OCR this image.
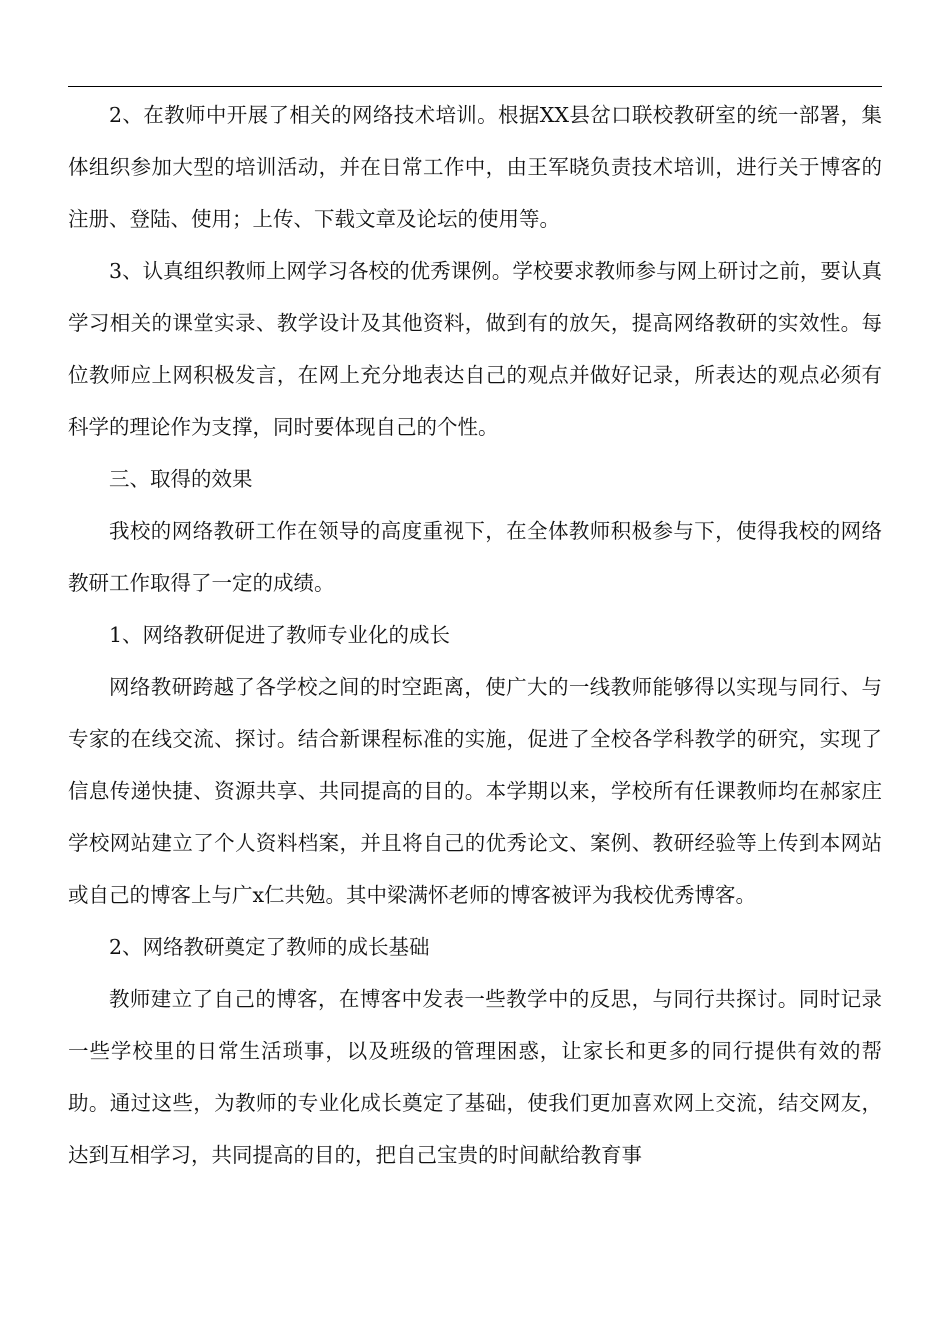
2、在教师中开展了相关的网络技术培训。根据XX县岔口联校教研室的统一部署，集体组织参加大型的培训活动，并在日常工作中，由王军晓负责技术培训，进行关于博客的注册、登陆、使用；上传、下载文章及论坛的使用等。

3、认真组织教师上网学习各校的优秀课例。学校要求教师参与网上研讨之前，要认真学习相关的课堂实录、教学设计及其他资料，做到有的放矢，提高网络教研的实效性。每位教师应上网积极发言，在网上充分地表达自己的观点并做好记录，所表达的观点必须有科学的理论作为支撑，同时要体现自己的个性。

三、取得的效果

我校的网络教研工作在领导的高度重视下，在全体教师积极参与下，使得我校的网络教研工作取得了一定的成绩。

1、网络教研促进了教师专业化的成长

网络教研跨越了各学校之间的时空距离，使广大的一线教师能够得以实现与同行、与专家的在线交流、探讨。结合新课程标准的实施，促进了全校各学科教学的研究，实现了信息传递快捷、资源共享、共同提高的目的。本学期以来，学校所有任课教师均在郝家庄学校网站建立了个人资料档案，并且将自己的优秀论文、案例、教研经验等上传到本网站或自己的博客上与广x仁共勉。其中梁满怀老师的博客被评为我校优秀博客。

2、网络教研奠定了教师的成长基础

教师建立了自己的博客，在博客中发表一些教学中的反思，与同行共探讨。同时记录一些学校里的日常生活琐事，以及班级的管理困惑，让家长和更多的同行提供有效的帮助。通过这些，为教师的专业化成长奠定了基础，使我们更加喜欢网上交流，结交网友，达到互相学习，共同提高的目的，把自己宝贵的时间献给教育事
